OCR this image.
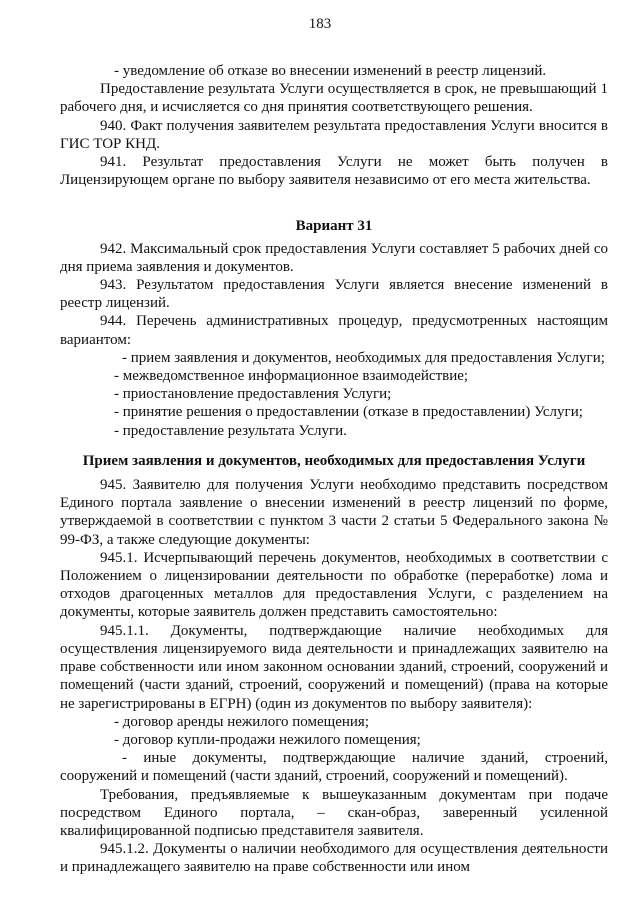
183

- уведомление об отказе во внесении изменений в реестр лицензий.

Предоставление результата Услуги осуществляется в срок, не превышающий 1 рабочего дня, и исчисляется со дня принятия соответствующего решения.

940. Факт получения заявителем результата предоставления Услуги вносится в ГИС ТОР КНД.

941. Результат предоставления Услуги не может быть получен в Лицензирующем органе по выбору заявителя независимо от его места жительства.

Вариант 31

942. Максимальный срок предоставления Услуги составляет 5 рабочих дней со дня приема заявления и документов.

943. Результатом предоставления Услуги является внесение изменений в реестр лицензий.

944. Перечень административных процедур, предусмотренных настоящим вариантом:

- прием заявления и документов, необходимых для предоставления Услуги;

- межведомственное информационное взаимодействие;

- приостановление предоставления Услуги;

- принятие решения о предоставлении (отказе в предоставлении) Услуги;

- предоставление результата Услуги.

Прием заявления и документов, необходимых для предоставления Услуги

945. Заявителю для получения Услуги необходимо представить посредством Единого портала заявление о внесении изменений в реестр лицензий по форме, утверждаемой в соответствии с пунктом 3 части 2 статьи 5 Федерального закона № 99-ФЗ, а также следующие документы:

945.1. Исчерпывающий перечень документов, необходимых в соответствии с Положением о лицензировании деятельности по обработке (переработке) лома и отходов драгоценных металлов для предоставления Услуги, с разделением на документы, которые заявитель должен представить самостоятельно:

945.1.1. Документы, подтверждающие наличие необходимых для осуществления лицензируемого вида деятельности и принадлежащих заявителю на праве собственности или ином законном основании зданий, строений, сооружений и помещений (части зданий, строений, сооружений и помещений) (права на которые не зарегистрированы в ЕГРН) (один из документов по выбору заявителя):

- договор аренды нежилого помещения;

- договор купли-продажи нежилого помещения;

- иные документы, подтверждающие наличие зданий, строений, сооружений и помещений (части зданий, строений, сооружений и помещений).

Требования, предъявляемые к вышеуказанным документам при подаче посредством Единого портала, – скан-образ, заверенный усиленной квалифицированной подписью представителя заявителя.

945.1.2. Документы о наличии необходимого для осуществления деятельности и принадлежащего заявителю на праве собственности или ином
